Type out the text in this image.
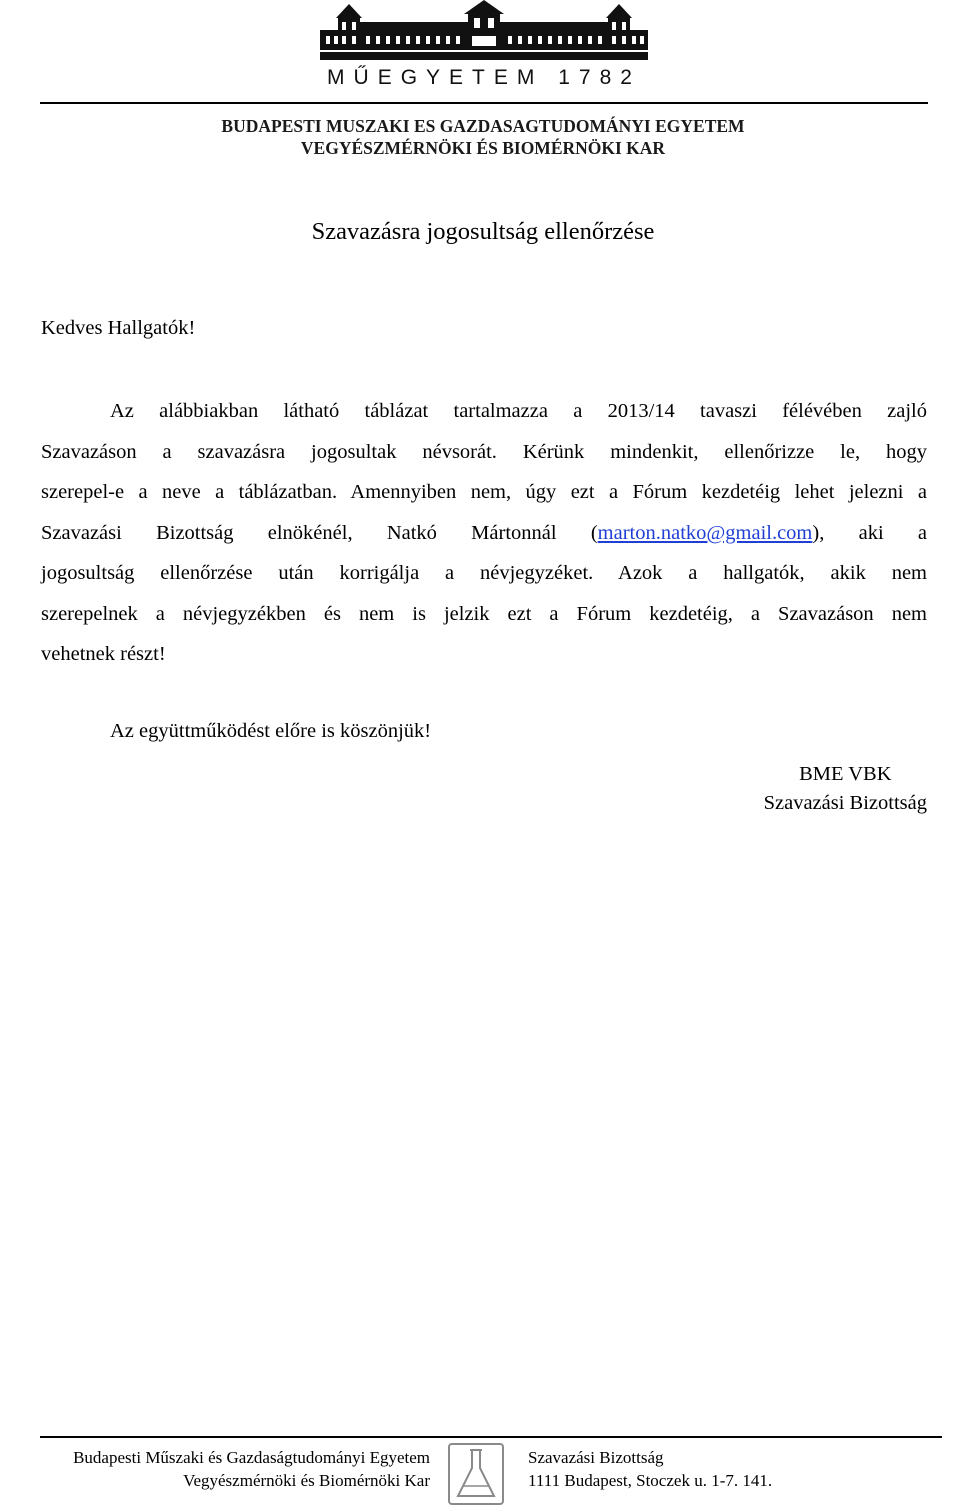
MŰEGYETEM 1782
BUDAPESTI MUSZAKI ES GAZDASAGTUDOMÁNYI EGYETEM
VEGYÉSZMÉRNÖKI ÉS BIOMÉRNÖKI KAR
Szavazásra jogosultság ellenőrzése
Kedves Hallgatók!
Az alábbiakban látható táblázat tartalmazza a 2013/14 tavaszi félévében zajló
Szavazáson a szavazásra jogosultak névsorát. Kérünk mindenkit, ellenőrizze le, hogy
szerepel-e a neve a táblázatban. Amennyiben nem, úgy ezt a Fórum kezdetéig lehet jelezni a
Szavazási Bizottság elnökénél, Natkó Mártonnál (marton.natko@gmail.com), aki a
jogosultság ellenőrzése után korrigálja a névjegyzéket. Azok a hallgatók, akik nem
szerepelnek a névjegyzékben és nem is jelzik ezt a Fórum kezdetéig, a Szavazáson nem
vehetnek részt!
Az együttműködést előre is köszönjük!
BME VBK
Szavazási Bizottság
Budapesti Műszaki és Gazdaságtudományi Egyetem
Vegyészmérnöki és Biomérnöki Kar
Szavazási Bizottság
1111 Budapest, Stoczek u. 1-7. 141.
